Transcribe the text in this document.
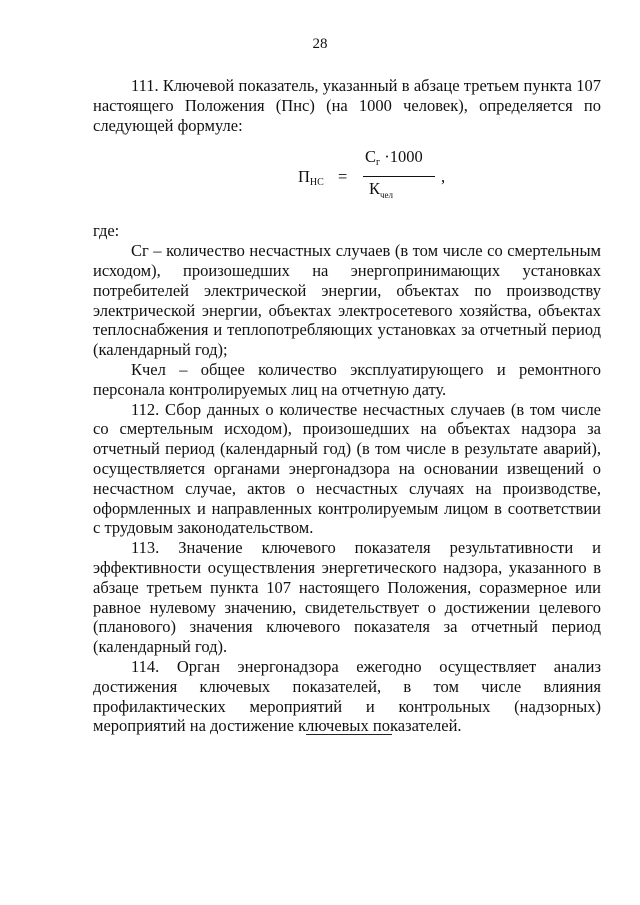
28

111. Ключевой показатель, указанный в абзаце третьем пункта 107 настоящего Положения (Пнс) (на 1000 человек), определяется по следующей формуле:

ПНС =
Сг ·1000
$К_{чел}$
,

где:

Сг – количество несчастных случаев (в том числе со смертельным исходом), произошедших на энергопринимающих установках потребителей электрической энергии, объектах по производству электрической энергии, объектах электросетевого хозяйства, объектах теплоснабжения и теплопотребляющих установках за отчетный период (календарный год);

Кчел – общее количество эксплуатирующего и ремонтного персонала контролируемых лиц на отчетную дату.

112. Сбор данных о количестве несчастных случаев (в том числе со смертельным исходом), произошедших на объектах надзора за отчетный период (календарный год) (в том числе в результате аварий), осуществляется органами энергонадзора на основании извещений о несчастном случае, актов о несчастных случаях на производстве, оформленных и направленных контролируемым лицом в соответствии с трудовым законодательством.

113. Значение ключевого показателя результативности и эффективности осуществления энергетического надзора, указанного в абзаце третьем пункта 107 настоящего Положения, соразмерное или равное нулевому значению, свидетельствует о достижении целевого (планового) значения ключевого показателя за отчетный период (календарный год).

114. Орган энергонадзора ежегодно осуществляет анализ достижения ключевых показателей, в том числе влияния профилактических мероприятий и контрольных (надзорных) мероприятий на достижение ключевых показателей.
